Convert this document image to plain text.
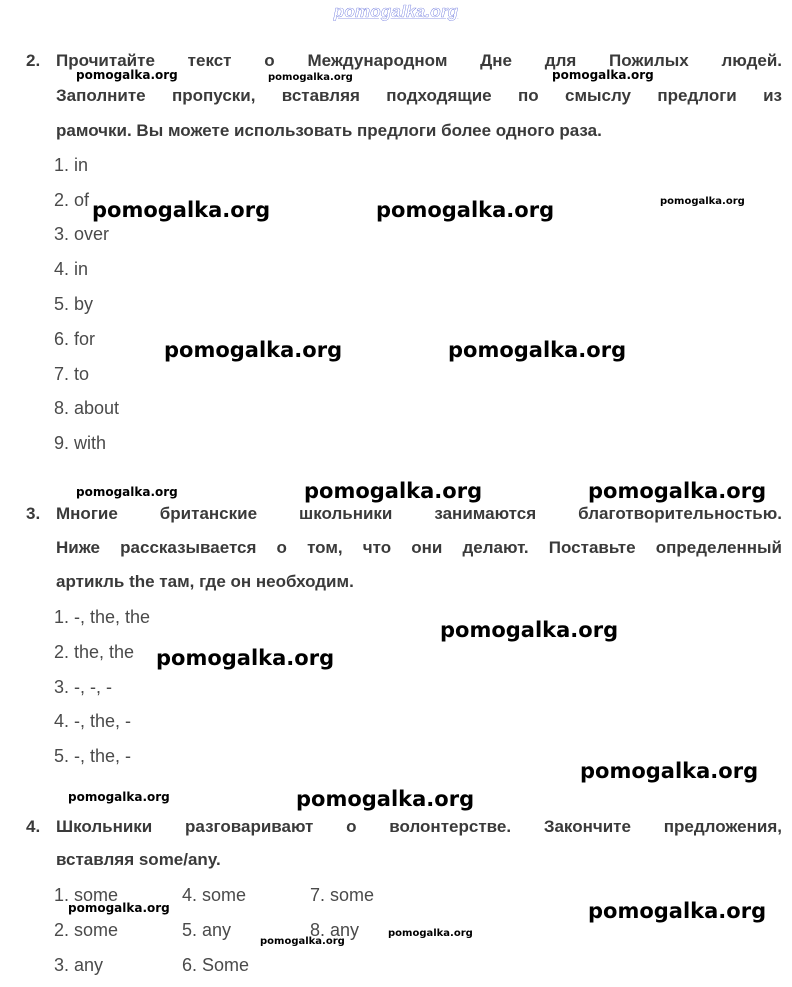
pomogalka.org
2. Прочитайте текст о Международном Дне для Пожилых людей.
Заполните пропуски, вставляя подходящие по смыслу предлоги из
рамочки. Вы можете использовать предлоги более одного раза.
1. in
2. of
3. over
4. in
5. by
6. for
7. to
8. about
9. with
3. Многие британские школьники занимаются благотворительностью.
Ниже рассказывается о том, что они делают. Поставьте определенный
артикль the там, где он необходим.
1. -, the, the
2. the, the
3. -, -, -
4. -, the, -
5. -, the, -
4. Школьники разговаривают о волонтерстве. Закончите предложения,
вставляя some/any.
1. some
2. some
3. any
4. some
5. any
6. Some
7. some
8. any
pomogalka.org	pomogalka.org	pomogalka.org
pomogalka.org	pomogalka.org	pomogalka.org
pomogalka.org	pomogalka.org
pomogalka.org	pomogalka.org	pomogalka.org
pomogalka.org
pomogalka.org
pomogalka.org
pomogalka.org	pomogalka.org
pomogalka.org	pomogalka.org
pomogalka.org
pomogalka.org
